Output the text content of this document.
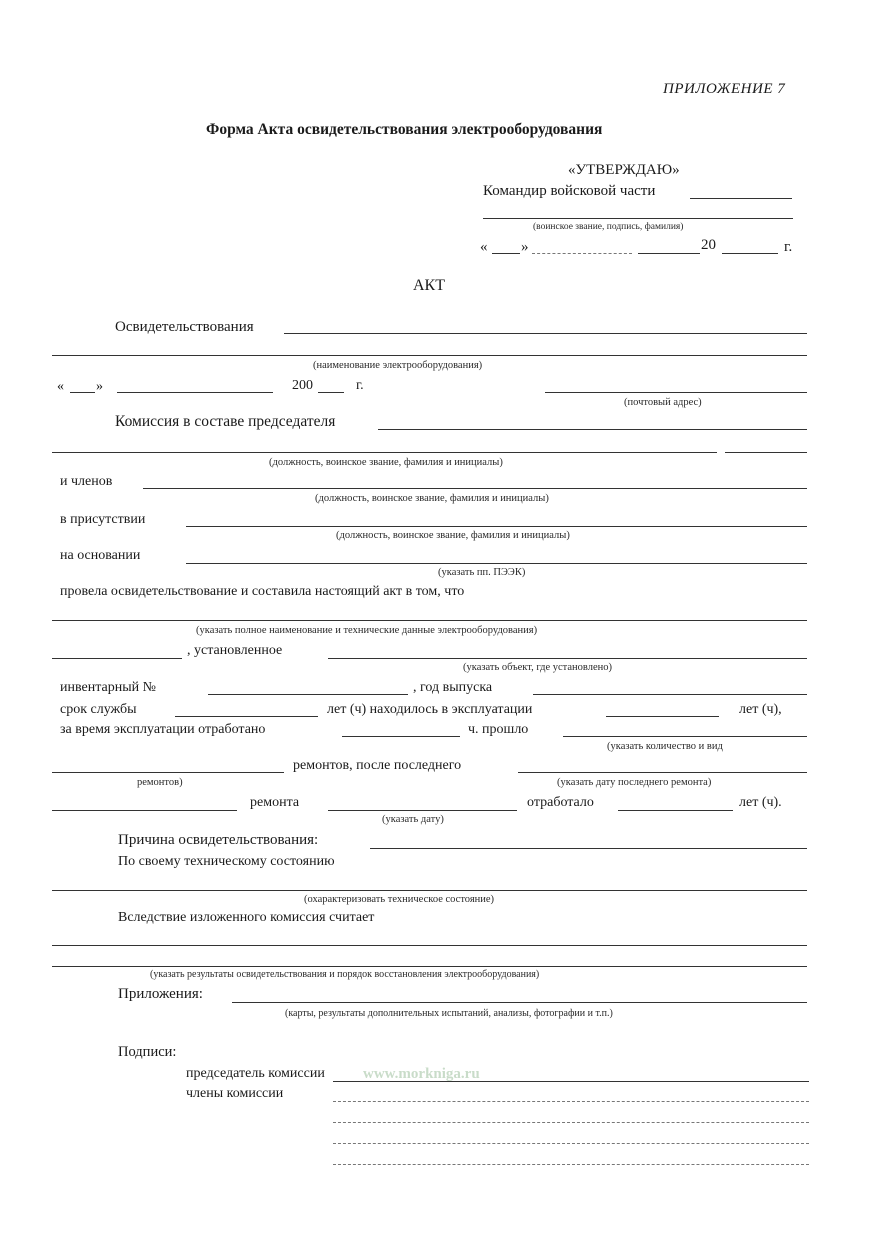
ПРИЛОЖЕНИЕ 7
Форма Акта освидетельствования электрооборудования
«УТВЕРЖДАЮ»
Командир войсковой части
(воинское звание, подпись, фамилия)
« »	20	г.
АКТ
Освидетельствования
(наименование электрооборудования)
« »	200	г.
(почтовый адрес)
Комиссия в составе председателя
(должность, воинское звание, фамилия и инициалы)
и членов
(должность, воинское звание, фамилия и инициалы)
в присутствии
(должность, воинское звание, фамилия и инициалы)
на основании
(указать пп. ПЭЭК)
провела освидетельствование и составила настоящий акт в том, что
(указать полное наименование и технические данные электрооборудования)
, установленное
(указать объект, где установлено)
инвентарный №	, год выпуска
срок службы	лет (ч) находилось в эксплуатации	лет (ч),
за время эксплуатации отработано	ч. прошло
(указать количество и вид
ремонтов, после последнего
ремонтов)	(указать дату последнего ремонта)
ремонта	отработало	лет (ч).
(указать дату)
Причина освидетельствования:
По своему техническому состоянию
(охарактеризовать техническое состояние)
Вследствие изложенного комиссия считает
(указать результаты освидетельствования и порядок восстановления электрооборудования)
Приложения:
(карты, результаты дополнительных испытаний, анализы, фотографии и т.п.)
Подписи:
председатель комиссии
члены комиссии
www.morkniga.ru
